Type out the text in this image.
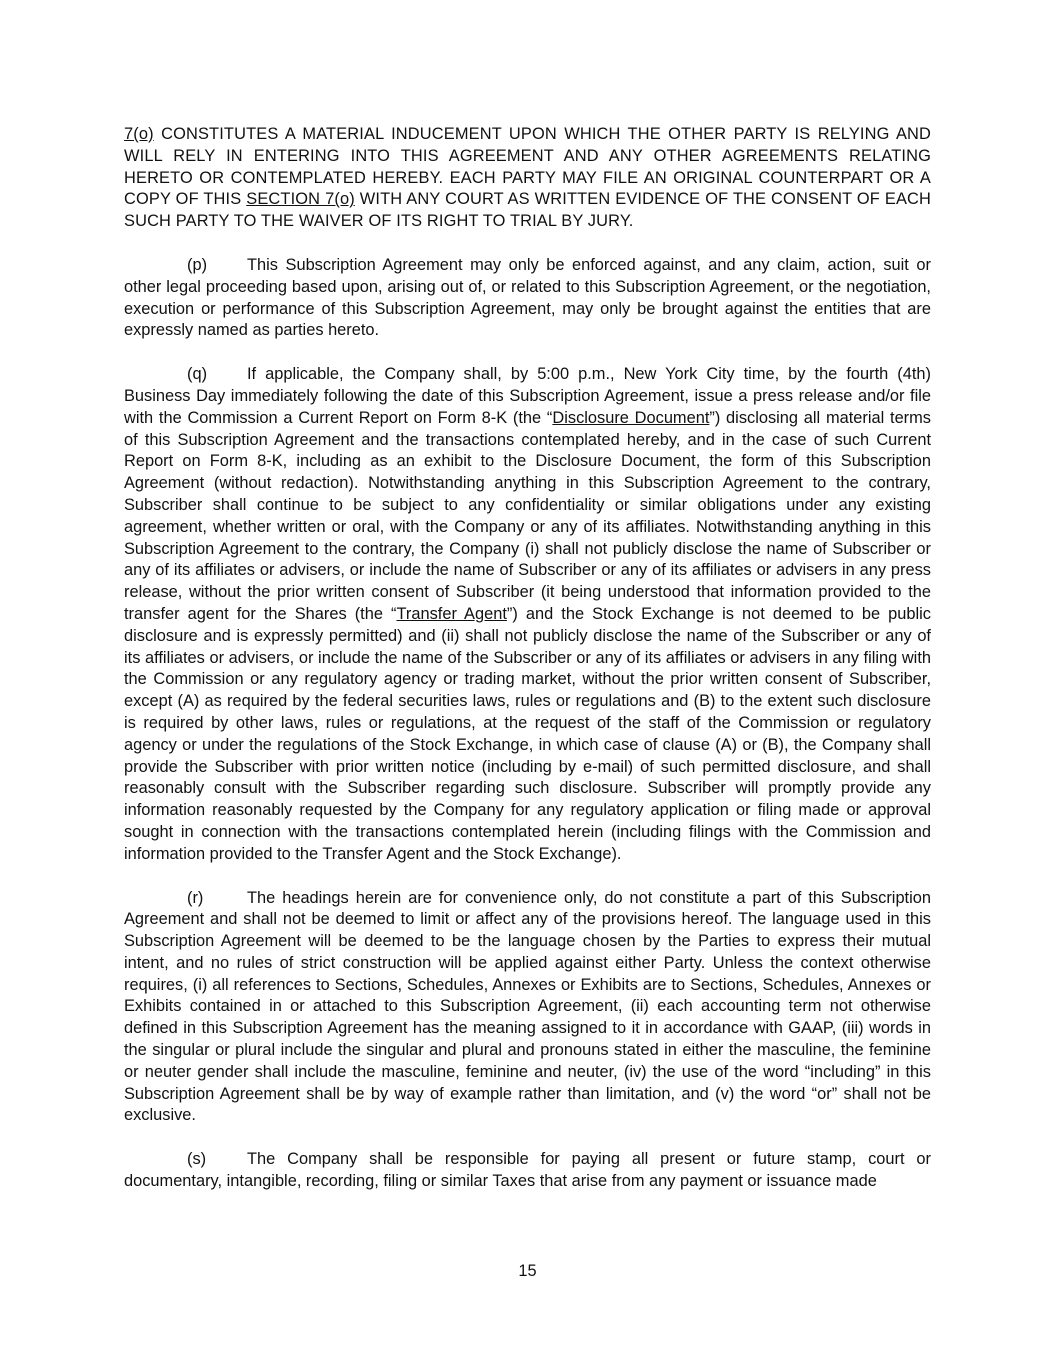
7(o) CONSTITUTES A MATERIAL INDUCEMENT UPON WHICH THE OTHER PARTY IS RELYING AND WILL RELY IN ENTERING INTO THIS AGREEMENT AND ANY OTHER AGREEMENTS RELATING HERETO OR CONTEMPLATED HEREBY. EACH PARTY MAY FILE AN ORIGINAL COUNTERPART OR A COPY OF THIS SECTION 7(o) WITH ANY COURT AS WRITTEN EVIDENCE OF THE CONSENT OF EACH SUCH PARTY TO THE WAIVER OF ITS RIGHT TO TRIAL BY JURY.

(p) This Subscription Agreement may only be enforced against, and any claim, action, suit or other legal proceeding based upon, arising out of, or related to this Subscription Agreement, or the negotiation, execution or performance of this Subscription Agreement, may only be brought against the entities that are expressly named as parties hereto.

(q) If applicable, the Company shall, by 5:00 p.m., New York City time, by the fourth (4th) Business Day immediately following the date of this Subscription Agreement, issue a press release and/or file with the Commission a Current Report on Form 8-K (the “Disclosure Document”) disclosing all material terms of this Subscription Agreement and the transactions contemplated hereby, and in the case of such Current Report on Form 8-K, including as an exhibit to the Disclosure Document, the form of this Subscription Agreement (without redaction). Notwithstanding anything in this Subscription Agreement to the contrary, Subscriber shall continue to be subject to any confidentiality or similar obligations under any existing agreement, whether written or oral, with the Company or any of its affiliates. Notwithstanding anything in this Subscription Agreement to the contrary, the Company (i) shall not publicly disclose the name of Subscriber or any of its affiliates or advisers, or include the name of Subscriber or any of its affiliates or advisers in any press release, without the prior written consent of Subscriber (it being understood that information provided to the transfer agent for the Shares (the “Transfer Agent”) and the Stock Exchange is not deemed to be public disclosure and is expressly permitted) and (ii) shall not publicly disclose the name of the Subscriber or any of its affiliates or advisers, or include the name of the Subscriber or any of its affiliates or advisers in any filing with the Commission or any regulatory agency or trading market, without the prior written consent of Subscriber, except (A) as required by the federal securities laws, rules or regulations and (B) to the extent such disclosure is required by other laws, rules or regulations, at the request of the staff of the Commission or regulatory agency or under the regulations of the Stock Exchange, in which case of clause (A) or (B), the Company shall provide the Subscriber with prior written notice (including by e-mail) of such permitted disclosure, and shall reasonably consult with the Subscriber regarding such disclosure. Subscriber will promptly provide any information reasonably requested by the Company for any regulatory application or filing made or approval sought in connection with the transactions contemplated herein (including filings with the Commission and information provided to the Transfer Agent and the Stock Exchange).

(r)	The headings herein are for convenience only, do not constitute a part of this Subscription Agreement and shall not be deemed to limit or affect any of the provisions hereof. The language used in this Subscription Agreement will be deemed to be the language chosen by the Parties to express their mutual intent, and no rules of strict construction will be applied against either Party. Unless the context otherwise requires, (i) all references to Sections, Schedules, Annexes or Exhibits are to Sections, Schedules, Annexes or Exhibits contained in or attached to this Subscription Agreement, (ii) each accounting term not otherwise defined in this Subscription Agreement has the meaning assigned to it in accordance with GAAP, (iii) words in the singular or plural include the singular and plural and pronouns stated in either the masculine, the feminine or neuter gender shall include the masculine, feminine and neuter, (iv) the use of the word “including” in this Subscription Agreement shall be by way of example rather than limitation, and (v) the word “or” shall not be exclusive.

(s) The Company shall be responsible for paying all present or future stamp, court or documentary, intangible, recording, filing or similar Taxes that arise from any payment or issuance made

15
